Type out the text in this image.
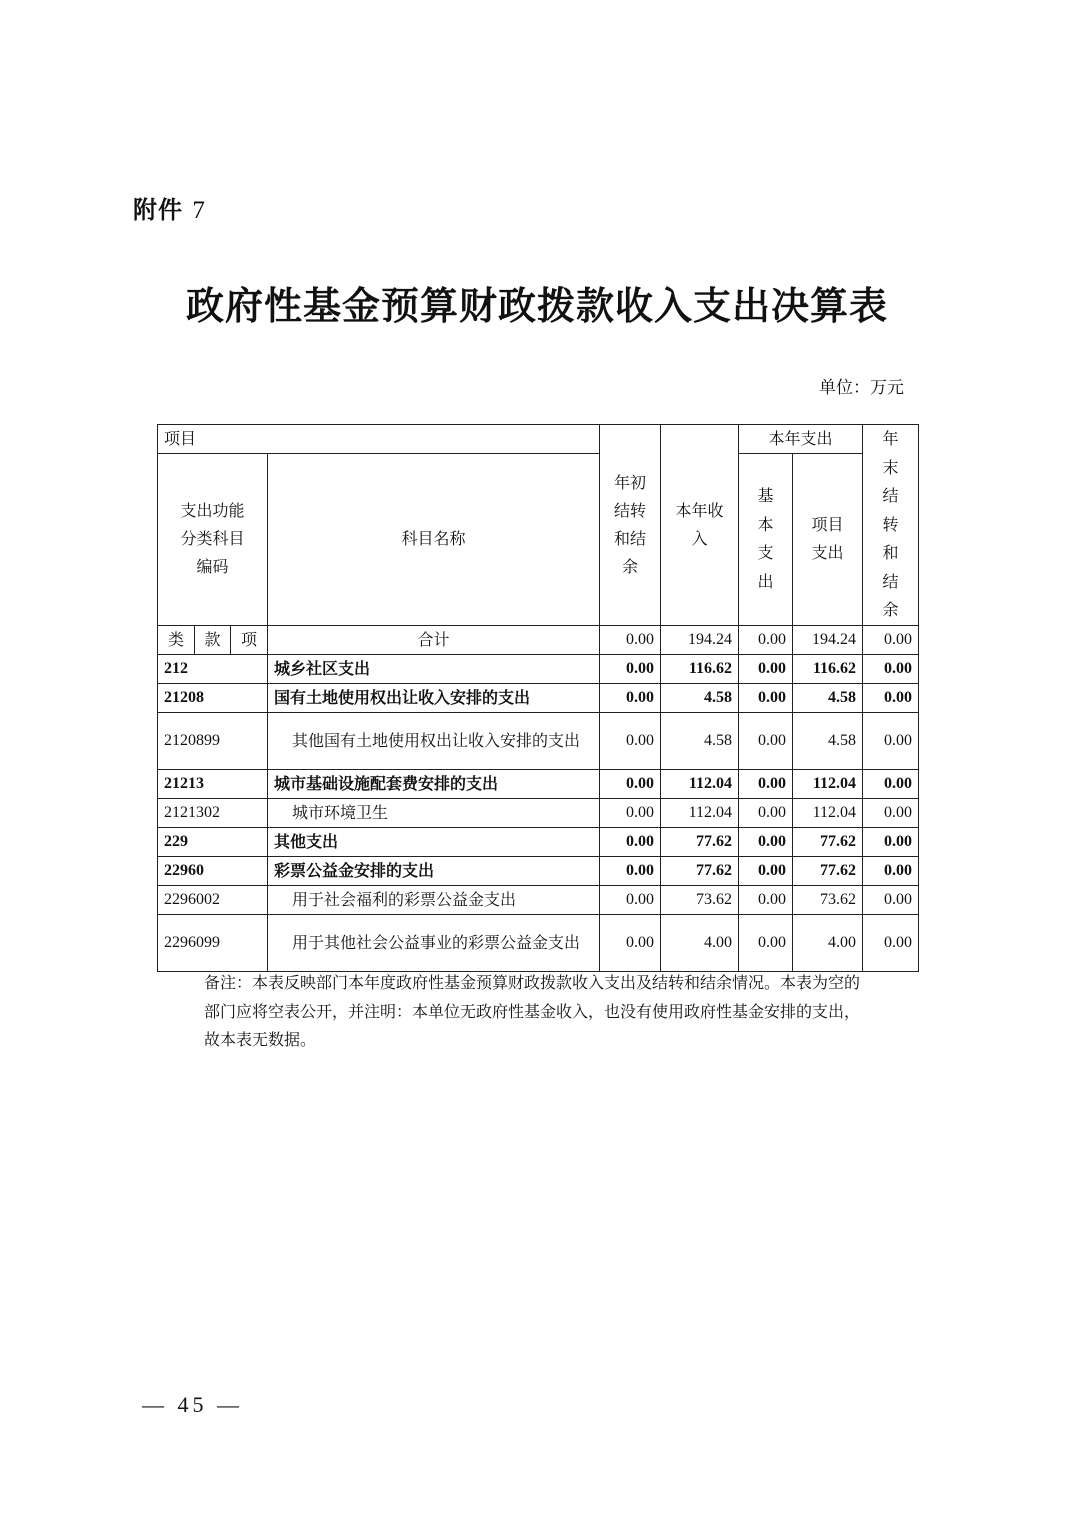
附件 7
政府性基金预算财政拨款收入支出决算表
单位：万元
项目				年初结转和结余	本年收入	本年支出		年末结转和结余

支出功能分类科目编码			科目名称			基本支出	项目支出	

类	款	项	合计	0.00	194.24	0.00	194.24	0.00
212			城乡社区支出	0.00	116.62	0.00	116.62	0.00
21208			国有土地使用权出让收入安排的支出	0.00	4.58	0.00	4.58	0.00
2120899			其他国有土地使用权出让收入安排的支出	0.00	4.58	0.00	4.58	0.00
21213			城市基础设施配套费安排的支出	0.00	112.04	0.00	112.04	0.00
2121302			城市环境卫生	0.00	112.04	0.00	112.04	0.00
229			其他支出	0.00	77.62	0.00	77.62	0.00
22960			彩票公益金安排的支出	0.00	77.62	0.00	77.62	0.00
2296002			用于社会福利的彩票公益金支出	0.00	73.62	0.00	73.62	0.00
2296099			用于其他社会公益事业的彩票公益金支出	0.00	4.00	0.00	4.00	0.00
备注：本表反映部门本年度政府性基金预算财政拨款收入支出及结转和结余情况。本表为空的部门应将空表公开，并注明：本单位无政府性基金收入，也没有使用政府性基金安排的支出，故本表无数据。
— 45 —
